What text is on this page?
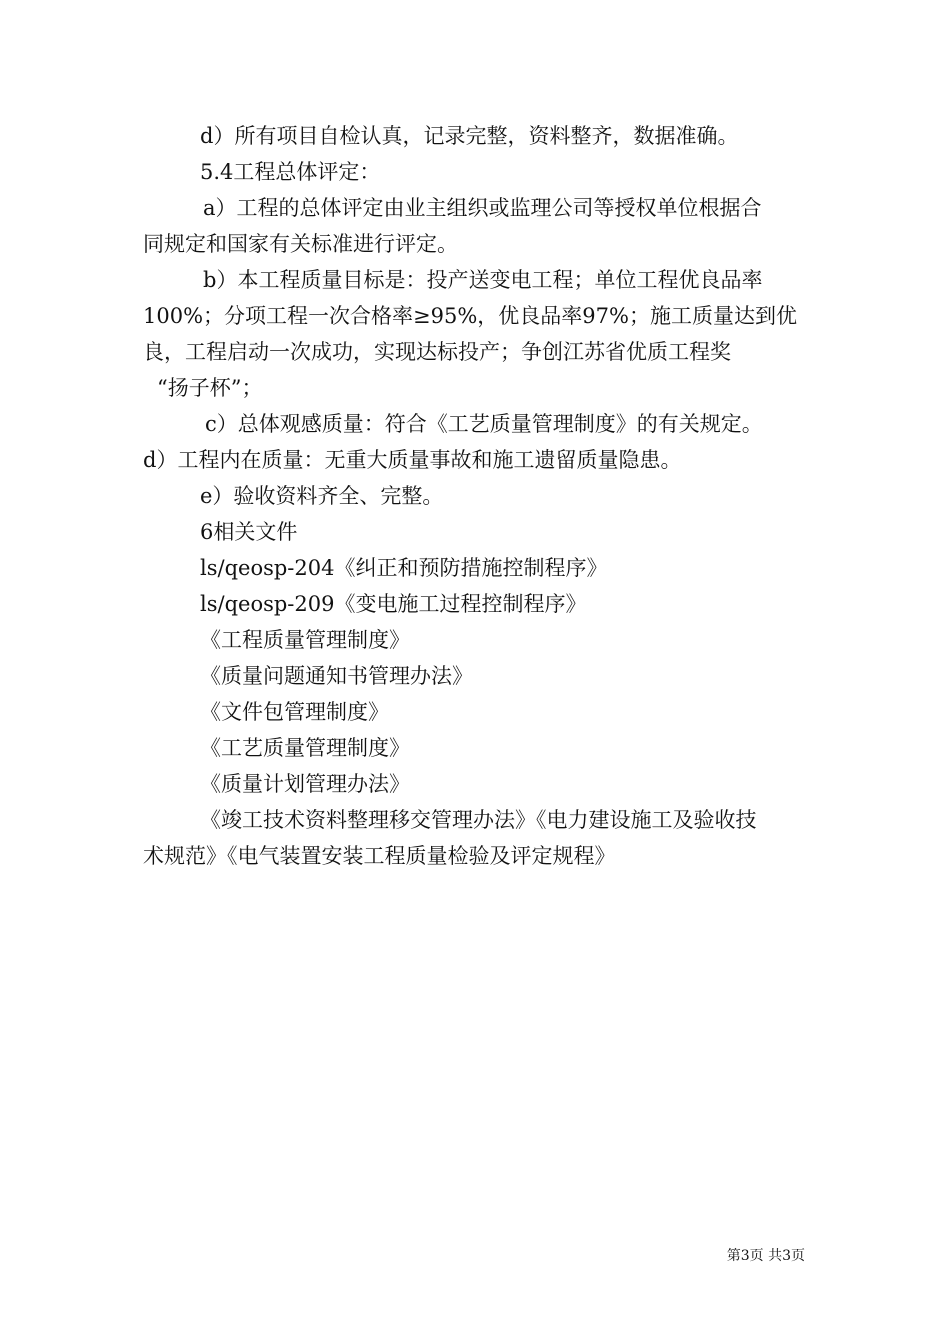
d）所有项目自检认真，记录完整，资料整齐，数据准确。
5.4工程总体评定：
a）工程的总体评定由业主组织或监理公司等授权单位根据合
同规定和国家有关标准进行评定。
b）本工程质量目标是：投产送变电工程；单位工程优良品率
100%；分项工程一次合格率≥95%，优良品率97%；施工质量达到优
良，工程启动一次成功，实现达标投产；争创江苏省优质工程奖
“扬子杯”；
c）总体观感质量：符合《工艺质量管理制度》的有关规定。
d）工程内在质量：无重大质量事故和施工遗留质量隐患。
e）验收资料齐全、完整。
6相关文件
ls/qeosp-204《纠正和预防措施控制程序》
ls/qeosp-209《变电施工过程控制程序》
《工程质量管理制度》
《质量问题通知书管理办法》
《文件包管理制度》
《工艺质量管理制度》
《质量计划管理办法》
《竣工技术资料整理移交管理办法》《电力建设施工及验收技
术规范》《电气装置安装工程质量检验及评定规程》
第3页 共3页
